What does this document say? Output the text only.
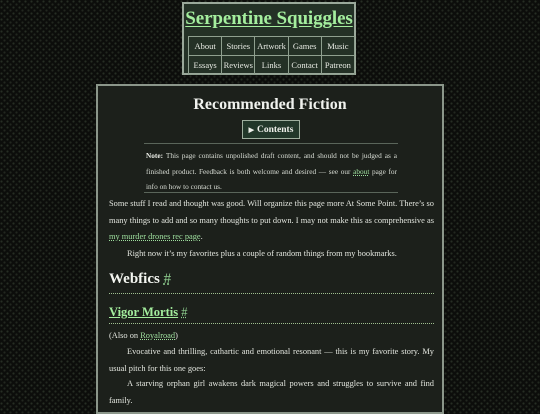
Serpentine Squiggles
About	Stories	Artwork	Games	Music
Essays	Reviews	Links	Contact	Patreon
Recommended Fiction
▶ Contents
Note: This page contains unpolished draft content, and should not be judged as a finished product. Feedback is both welcome and desired — see our about page for info on how to contact us.
Some stuff I read and thought was good. Will organize this page more At Some Point. There’s so many things to add and so many thoughts to put down. I may not make this as comprehensive as my murder drones rec page.
Right now it’s my favorites plus a couple of random things from my bookmarks.
Webfics #
Vigor Mortis #
(Also on Royalroad)
Evocative and thrilling, cathartic and emotional resonant — this is my favorite story. My usual pitch for this one goes:
A starving orphan girl awakens dark magical powers and struggles to survive and find family.
